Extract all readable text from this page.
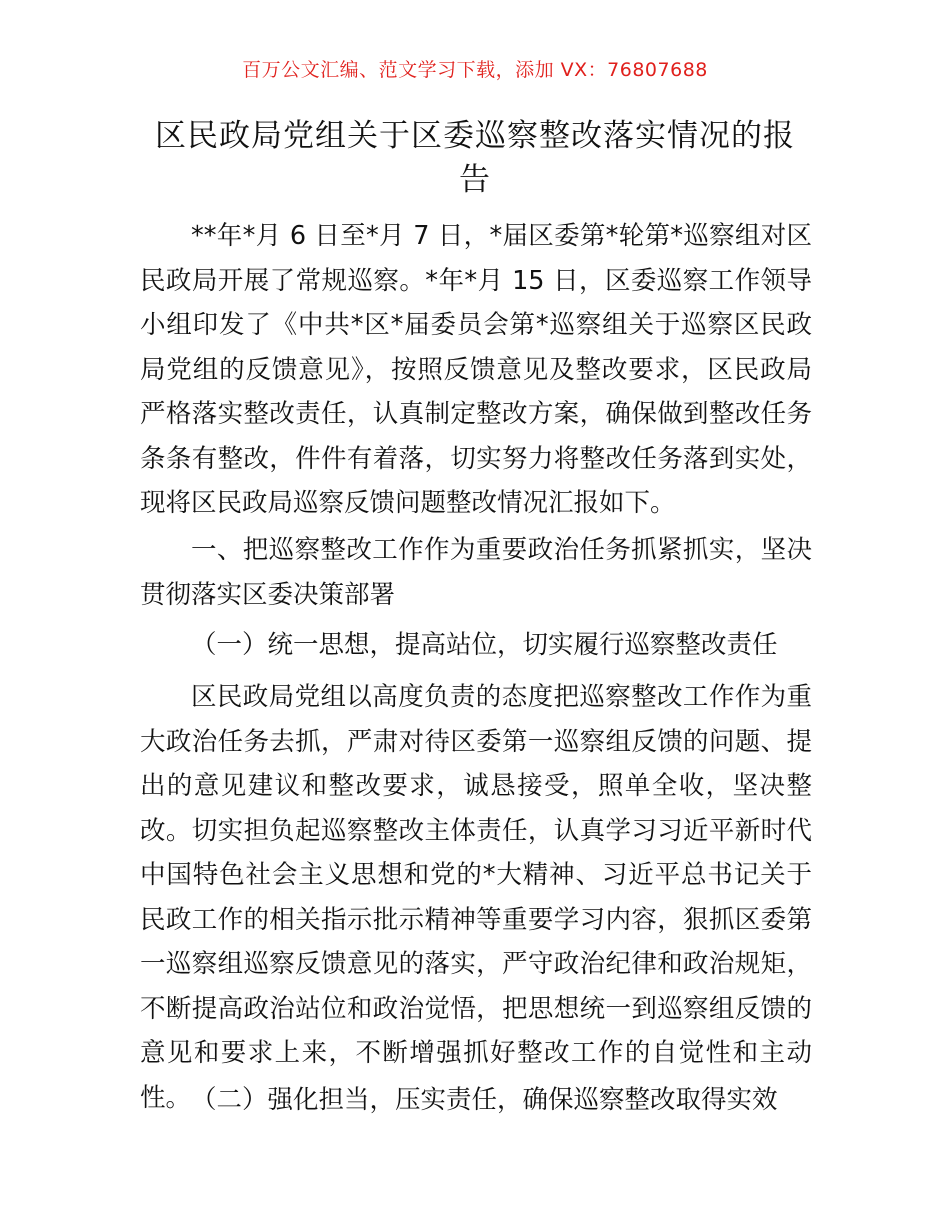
百万公文汇编、范文学习下载，添加 VX：76807688
区民政局党组关于区委巡察整改落实情况的报告
**年*月 6 日至*月 7 日，*届区委第*轮第*巡察组对区民政局开展了常规巡察。*年*月 15 日，区委巡察工作领导小组印发了《中共*区*届委员会第*巡察组关于巡察区民政局党组的反馈意见》，按照反馈意见及整改要求，区民政局严格落实整改责任，认真制定整改方案，确保做到整改任务条条有整改，件件有着落，切实努力将整改任务落到实处，现将区民政局巡察反馈问题整改情况汇报如下。
一、把巡察整改工作作为重要政治任务抓紧抓实，坚决贯彻落实区委决策部署
（一）统一思想，提高站位，切实履行巡察整改责任
区民政局党组以高度负责的态度把巡察整改工作作为重大政治任务去抓，严肃对待区委第一巡察组反馈的问题、提出的意见建议和整改要求，诚恳接受，照单全收，坚决整改。切实担负起巡察整改主体责任，认真学习习近平新时代中国特色社会主义思想和党的*大精神、习近平总书记关于民政工作的相关指示批示精神等重要学习内容，狠抓区委第一巡察组巡察反馈意见的落实，严守政治纪律和政治规矩，不断提高政治站位和政治觉悟，把思想统一到巡察组反馈的意见和要求上来，不断增强抓好整改工作的自觉性和主动性。 （二）强化担当，压实责任，确保巡察整改取得实效
